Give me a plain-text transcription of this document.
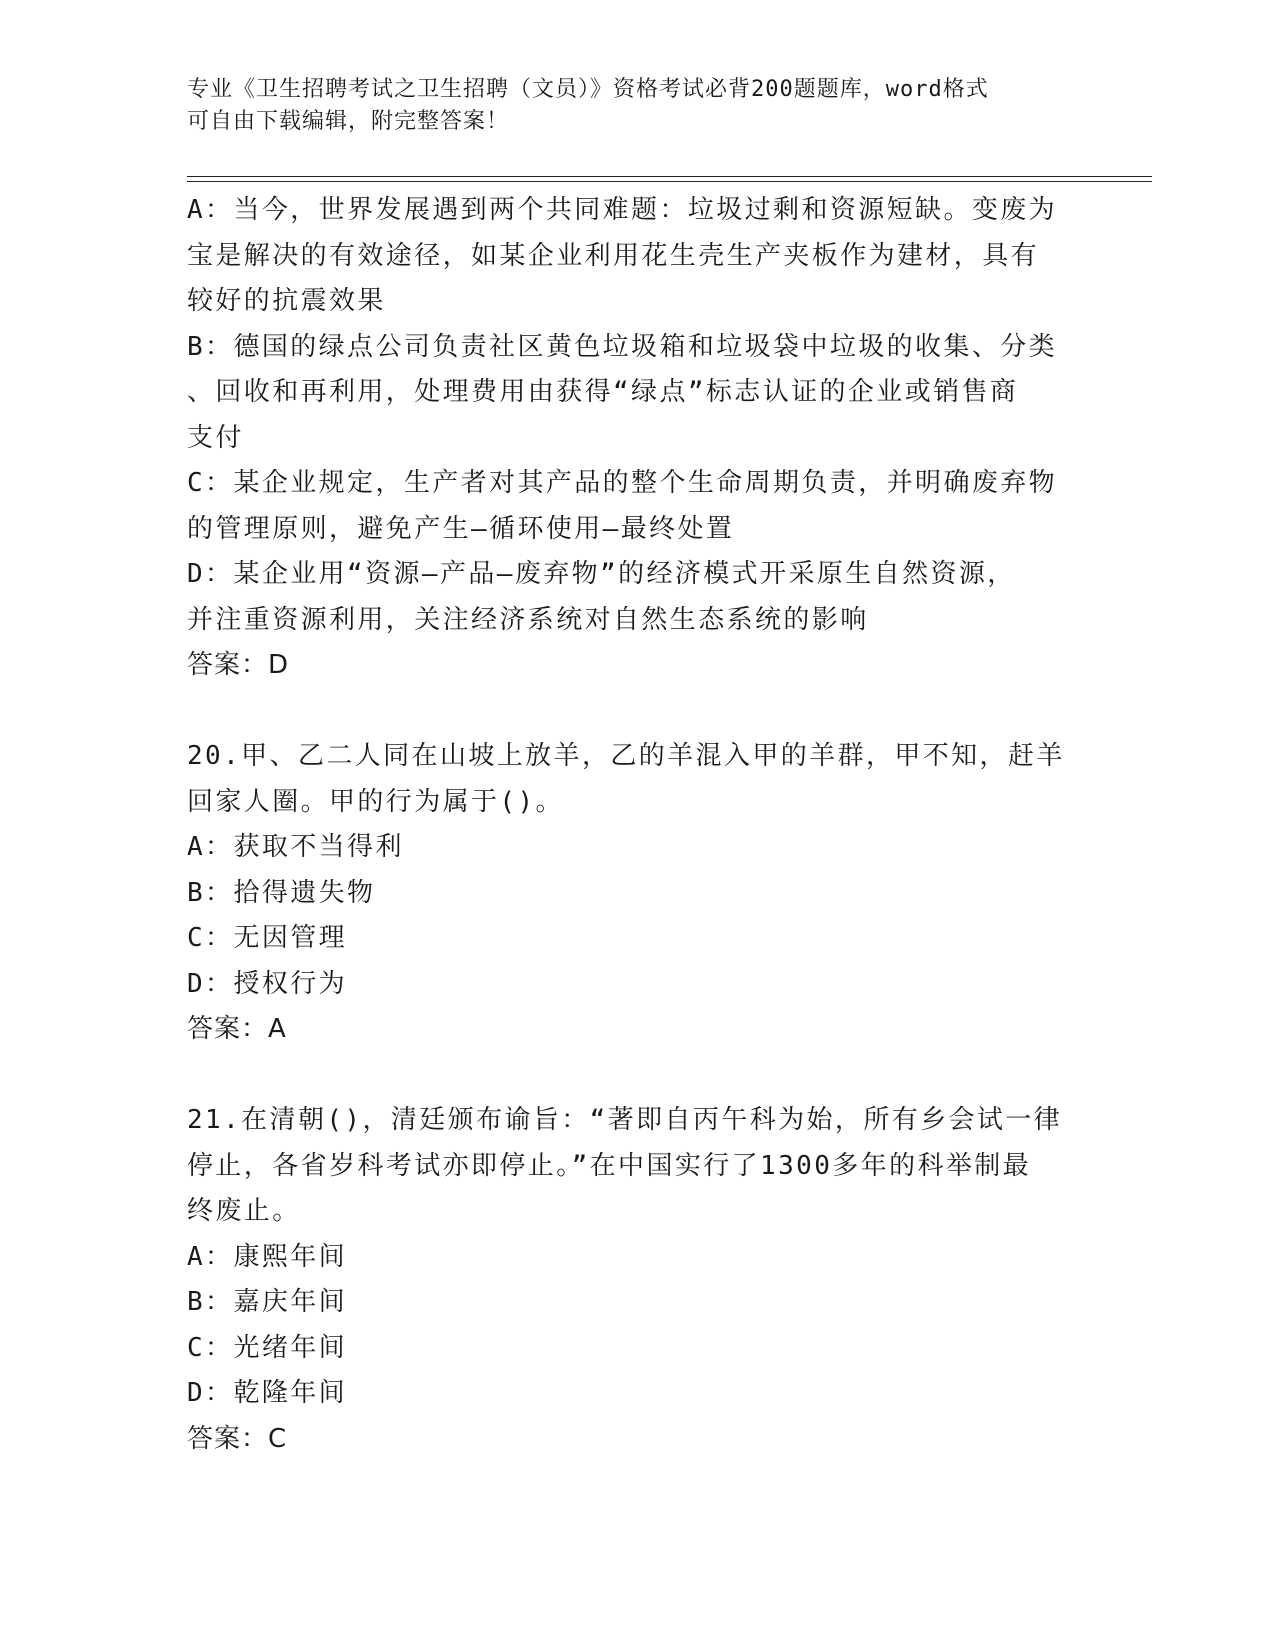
专业《卫生招聘考试之卫生招聘（文员）》资格考试必背200题题库，word格式
可自由下载编辑，附完整答案！
A：当今，世界发展遇到两个共同难题：垃圾过剩和资源短缺。变废为
宝是解决的有效途径，如某企业利用花生壳生产夹板作为建材，具有
较好的抗震效果
B：德国的绿点公司负责社区黄色垃圾箱和垃圾袋中垃圾的收集、分类
、回收和再利用，处理费用由获得“绿点”标志认证的企业或销售商
支付
C：某企业规定，生产者对其产品的整个生命周期负责，并明确废弃物
的管理原则，避免产生—循环使用—最终处置
D：某企业用“资源—产品—废弃物”的经济模式开采原生自然资源，
并注重资源利用，关注经济系统对自然生态系统的影响
答案：D
20.甲、乙二人同在山坡上放羊，乙的羊混入甲的羊群，甲不知，赶羊
回家人圈。甲的行为属于()。
A：获取不当得利
B：拾得遗失物
C：无因管理
D：授权行为
答案：A
21.在清朝()，清廷颁布谕旨：“著即自丙午科为始，所有乡会试一律
停止，各省岁科考试亦即停止。”在中国实行了1300多年的科举制最
终废止。
A：康熙年间
B：嘉庆年间
C：光绪年间
D：乾隆年间
答案：C
